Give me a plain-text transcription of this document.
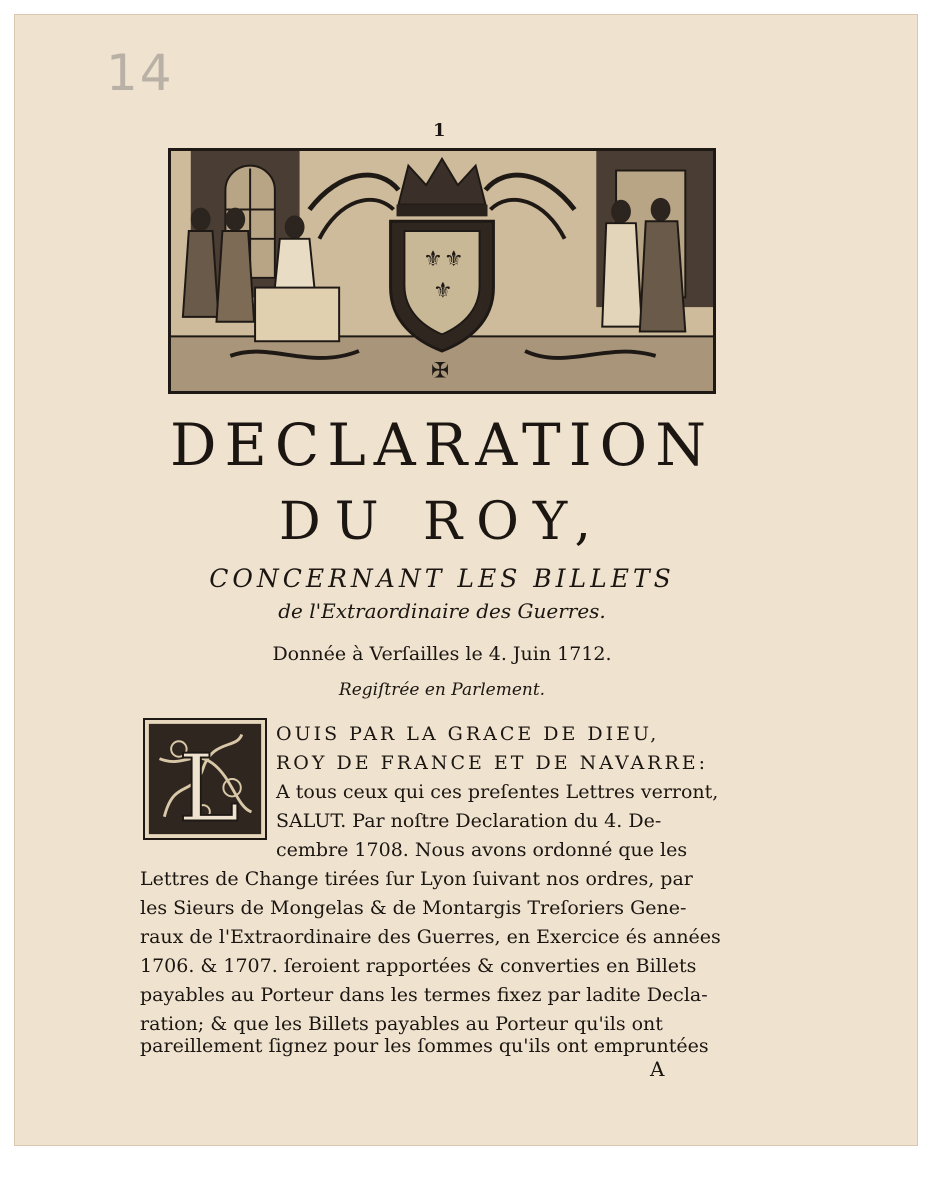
14
1
⚜ ⚜
⚜
✠
DECLARATION
DU ROY,
CONCERNANT LES BILLETS
de l'Extraordinaire des Guerres.
Donnée à Verſailles le 4. Juin 1712.
Regiſtrée en Parlement.
L
OUIS PAR LA GRACE DE DIEU,
ROY DE FRANCE ET DE NAVARRE:
A tous ceux qui ces preſentes Lettres verront,
SALUT. Par noſtre Declaration du 4. De-
cembre 1708. Nous avons ordonné que les
Lettres de Change tirées ſur Lyon ſuivant nos ordres, par
les Sieurs de Mongelas & de Montargis Treſoriers Gene-
raux de l'Extraordinaire des Guerres, en Exercice és années
1706. & 1707. ſeroient rapportées & converties en Billets
payables au Porteur dans les termes fixez par ladite Decla-
ration; & que les Billets payables au Porteur qu'ils ont
pareillement ſignez pour les ſommes qu'ils ont empruntées
A
